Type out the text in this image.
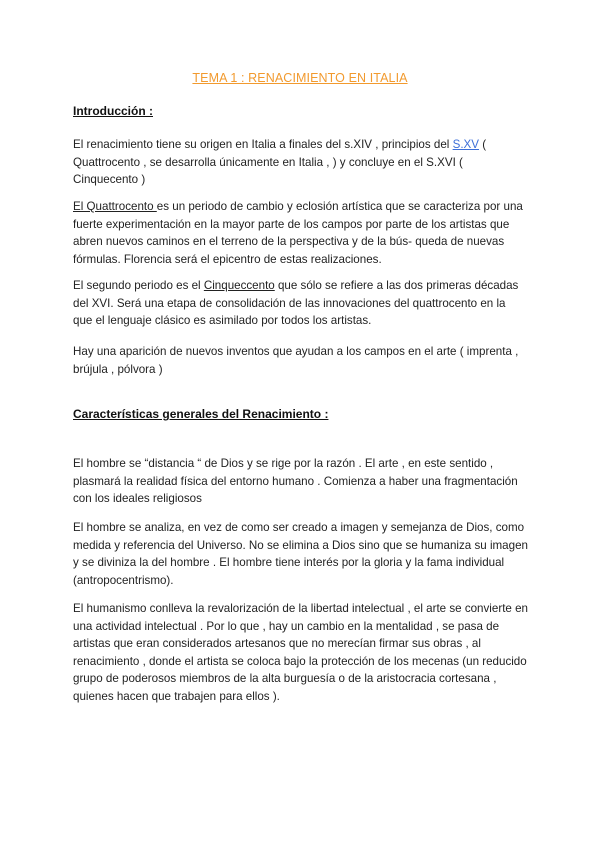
TEMA 1 : RENACIMIENTO EN ITALIA
Introducción :

El renacimiento tiene su origen en Italia a finales del s.XIV , principios del S.XV ( Quattrocento , se desarrolla únicamente en Italia , ) y concluye en el S.XVI ( Cinquecento )

El Quattrocento es un periodo de cambio y eclosión artística que se caracteriza por una fuerte experimentación en la mayor parte de los campos por parte de los artistas que abren nuevos caminos en el terreno de la perspectiva y de la bús- queda de nuevas fórmulas. Florencia será el epicentro de estas realizaciones.

El segundo periodo es el Cinqueccento que sólo se refiere a las dos primeras décadas del XVI. Será una etapa de consolidación de las innovaciones del quattrocento en la que el lenguaje clásico es asimilado por todos los artistas.

Hay una aparición de nuevos inventos que ayudan a los campos en el arte ( imprenta , brújula , pólvora )

Características generales del Renacimiento :

El hombre se “distancia “ de Dios y se rige por la razón . El arte , en este sentido , plasmará la realidad física del entorno humano . Comienza a haber una fragmentación con los ideales religiosos

El hombre se analiza, en vez de como ser creado a imagen y semejanza de Dios, como medida y referencia del Universo. No se elimina a Dios sino que se humaniza su imagen y se diviniza la del hombre . El hombre tiene interés por la gloria y la fama individual (antropocentrismo).

El humanismo conlleva la revalorización de la libertad intelectual , el arte se convierte en una actividad intelectual . Por lo que , hay un cambio en la mentalidad , se pasa de artistas que eran considerados artesanos que no merecían firmar sus obras , al renacimiento , donde el artista se coloca bajo la protección de los mecenas (un reducido grupo de poderosos miembros de la alta burguesía o de la aristocracia cortesana , quienes hacen que trabajen para ellos ).
